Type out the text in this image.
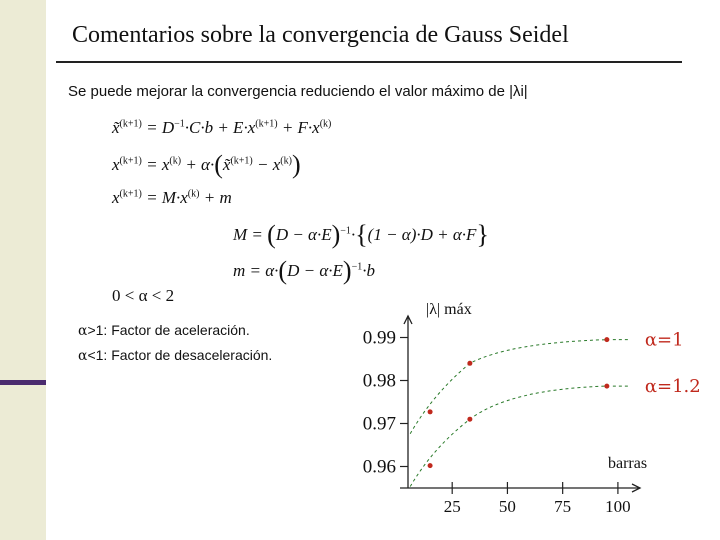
Comentarios sobre la convergencia de Gauss Seidel
Se puede mejorar la convergencia reduciendo el valor máximo de |λi|
x̃$^{(k+1)}$ = $D^{-1}\cdot C\cdot b + E\cdot x^{(k+1)} + F\cdot x^{(k)}$
$x^{(k+1)} = x^{(k)}$ + α·(x̃$^{(k+1)}$ − $x^{(k)}$)
$x^{(k+1)} = M\cdot x^{(k)} + m$
$M = (D - \alpha\cdot E)^{-1}\cdot\{(1 - \alpha)\cdot D + \alpha\cdot F\}$
$m = \alpha\cdot(D - \alpha\cdot E)^{-1}\cdot b$
0 < α < 2
α>1: Factor de aceleración.
α<1: Factor de desaceleración.
0.99
0.98
0.97
0.96
25 50 75 100
α=1
α=1.2
|λ| máx
barras
